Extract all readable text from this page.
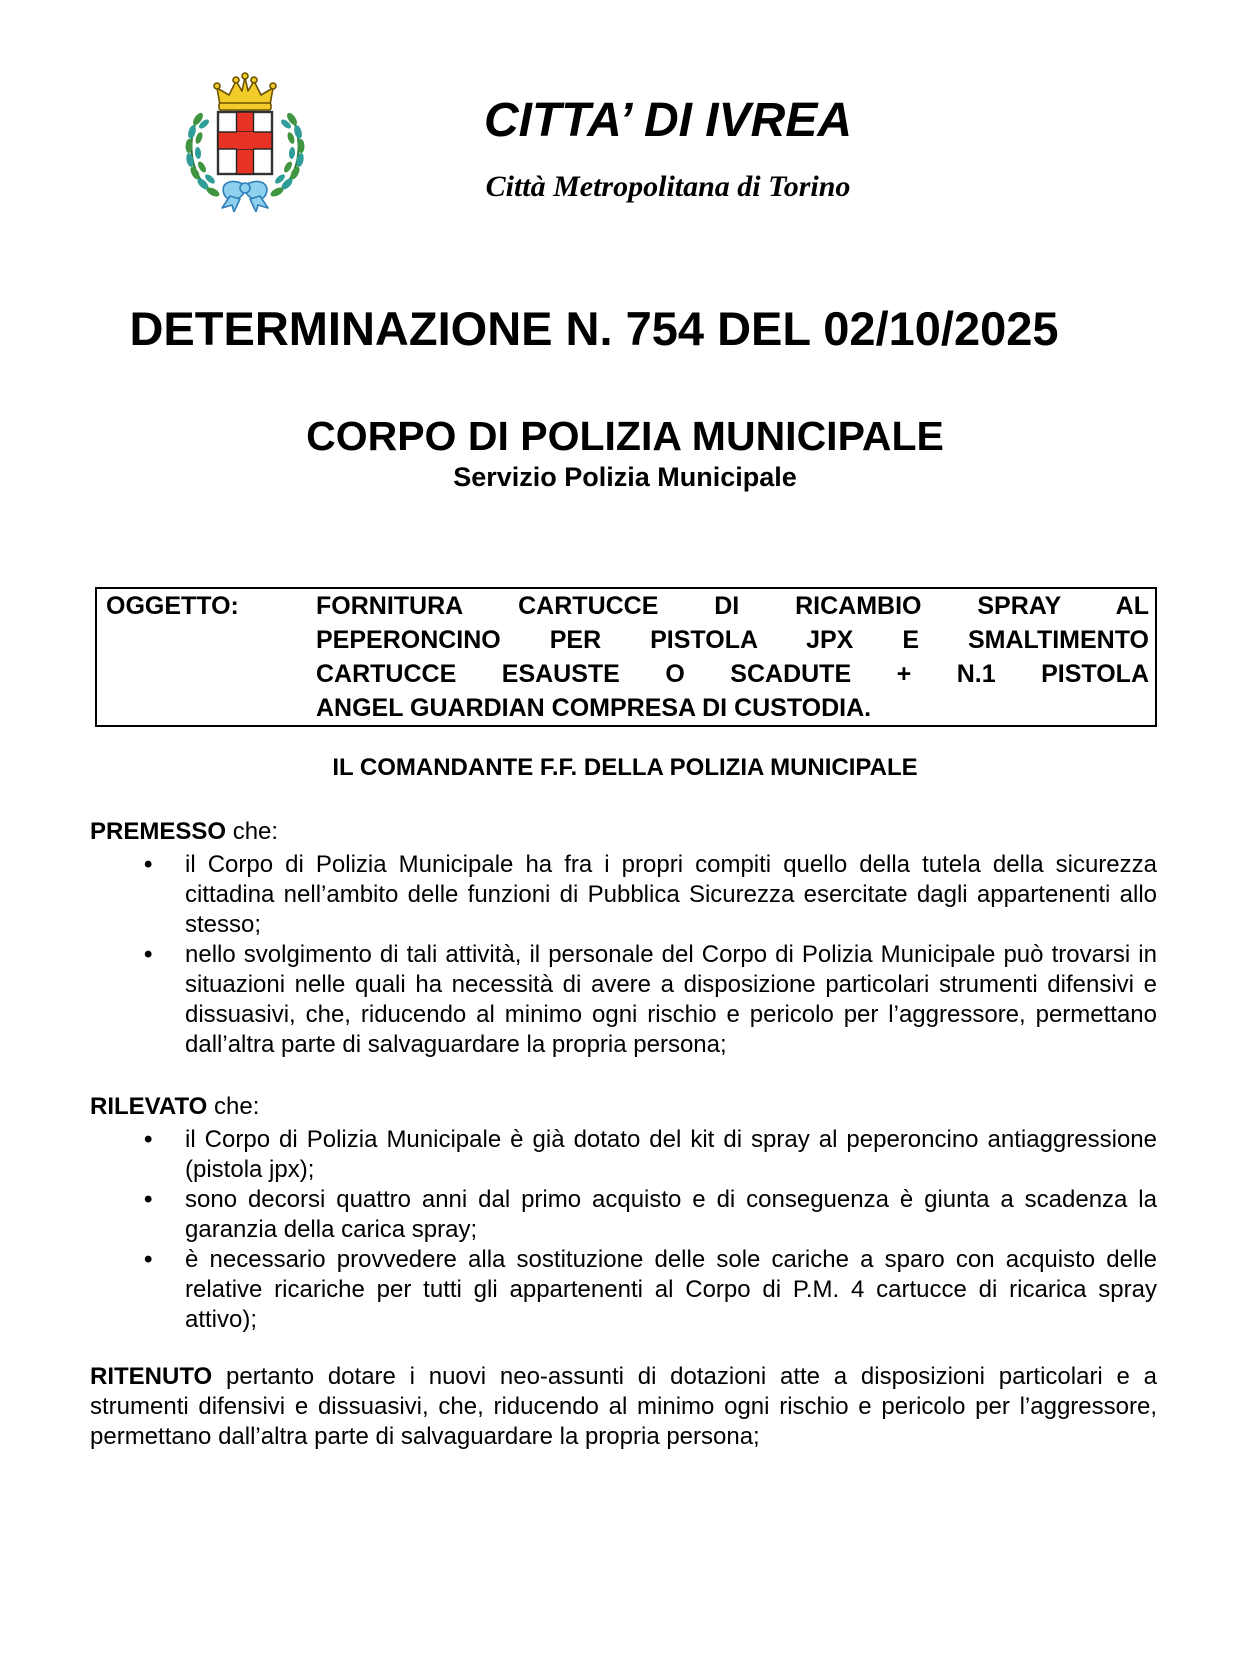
CITTA’ DI IVREA
Città Metropolitana di Torino
DETERMINAZIONE N. 754 DEL 02/10/2025
CORPO DI POLIZIA MUNICIPALE
Servizio Polizia Municipale
OGGETTO:	FORNITURA CARTUCCE DI RICAMBIO SPRAY AL
PEPERONCINO PER PISTOLA JPX E SMALTIMENTO
CARTUCCE ESAUSTE O SCADUTE + N.1 PISTOLA
ANGEL GUARDIAN COMPRESA DI CUSTODIA.
IL COMANDANTE F.F. DELLA POLIZIA MUNICIPALE

PREMESSO che:

• il Corpo di Polizia Municipale ha fra i propri compiti quello della tutela della sicurezza cittadina nell’ambito delle funzioni di Pubblica Sicurezza esercitate dagli appartenenti allo stesso;
• nello svolgimento di tali attività, il personale del Corpo di Polizia Municipale può trovarsi in situazioni nelle quali ha necessità di avere a disposizione particolari strumenti difensivi e dissuasivi, che, riducendo al minimo ogni rischio e pericolo per l’aggressore, permettano dall’altra parte di salvaguardare la propria persona;

RILEVATO che:

• il Corpo di Polizia Municipale è già dotato del kit di spray al peperoncino antiaggressione (pistola jpx);
• sono decorsi quattro anni dal primo acquisto e di conseguenza è giunta a scadenza la garanzia della carica spray;
• è necessario provvedere alla sostituzione delle sole cariche a sparo con acquisto delle relative ricariche per tutti gli appartenenti al Corpo di P.M. 4 cartucce di ricarica spray attivo);

RITENUTO pertanto dotare i nuovi neo-assunti di dotazioni atte a disposizioni particolari e a strumenti difensivi e dissuasivi, che, riducendo al minimo ogni rischio e pericolo per l’aggressore, permettano dall’altra parte di salvaguardare la propria persona;
